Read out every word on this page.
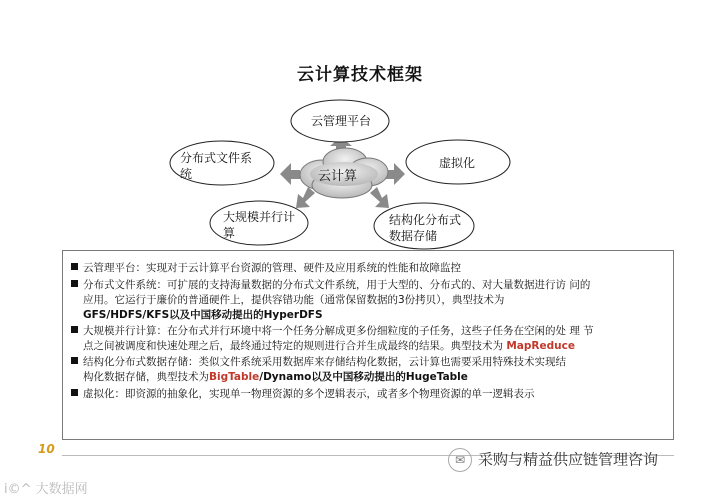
云计算技术框架
云计算
云管理平台
分布式文件系
统
虚拟化
大规模并行计
算
结构化分布式
数据存储
云管理平台：实现对于云计算平台资源的管理、硬件及应用系统的性能和故障监控
分布式文件系统：可扩展的支持海量数据的分布式文件系统，用于大型的、分布式的、对大量数据进行访 问的
应用。它运行于廉价的普通硬件上，提供容错功能（通常保留数据的3份拷贝），典型技术为
GFS/HDFS/KFS以及中国移动提出的HyperDFS
大规模并行计算：在分布式并行环境中将一个任务分解成更多份细粒度的子任务，这些子任务在空闲的处 理 节
点之间被调度和快速处理之后，最终通过特定的规则进行合并生成最终的结果。典型技术为 MapReduce
结构化分布式数据存储：类似文件系统采用数据库来存储结构化数据，云计算也需要采用特殊技术实现结
构化数据存储，典型技术为BigTable/Dynamo以及中国移动提出的HugeTable
虚拟化：即资源的抽象化，实现单一物理资源的多个逻辑表示，或者多个物理资源的单一逻辑表示
10
✉ 采购与精益供应链管理咨询
i©^ 大数据网
